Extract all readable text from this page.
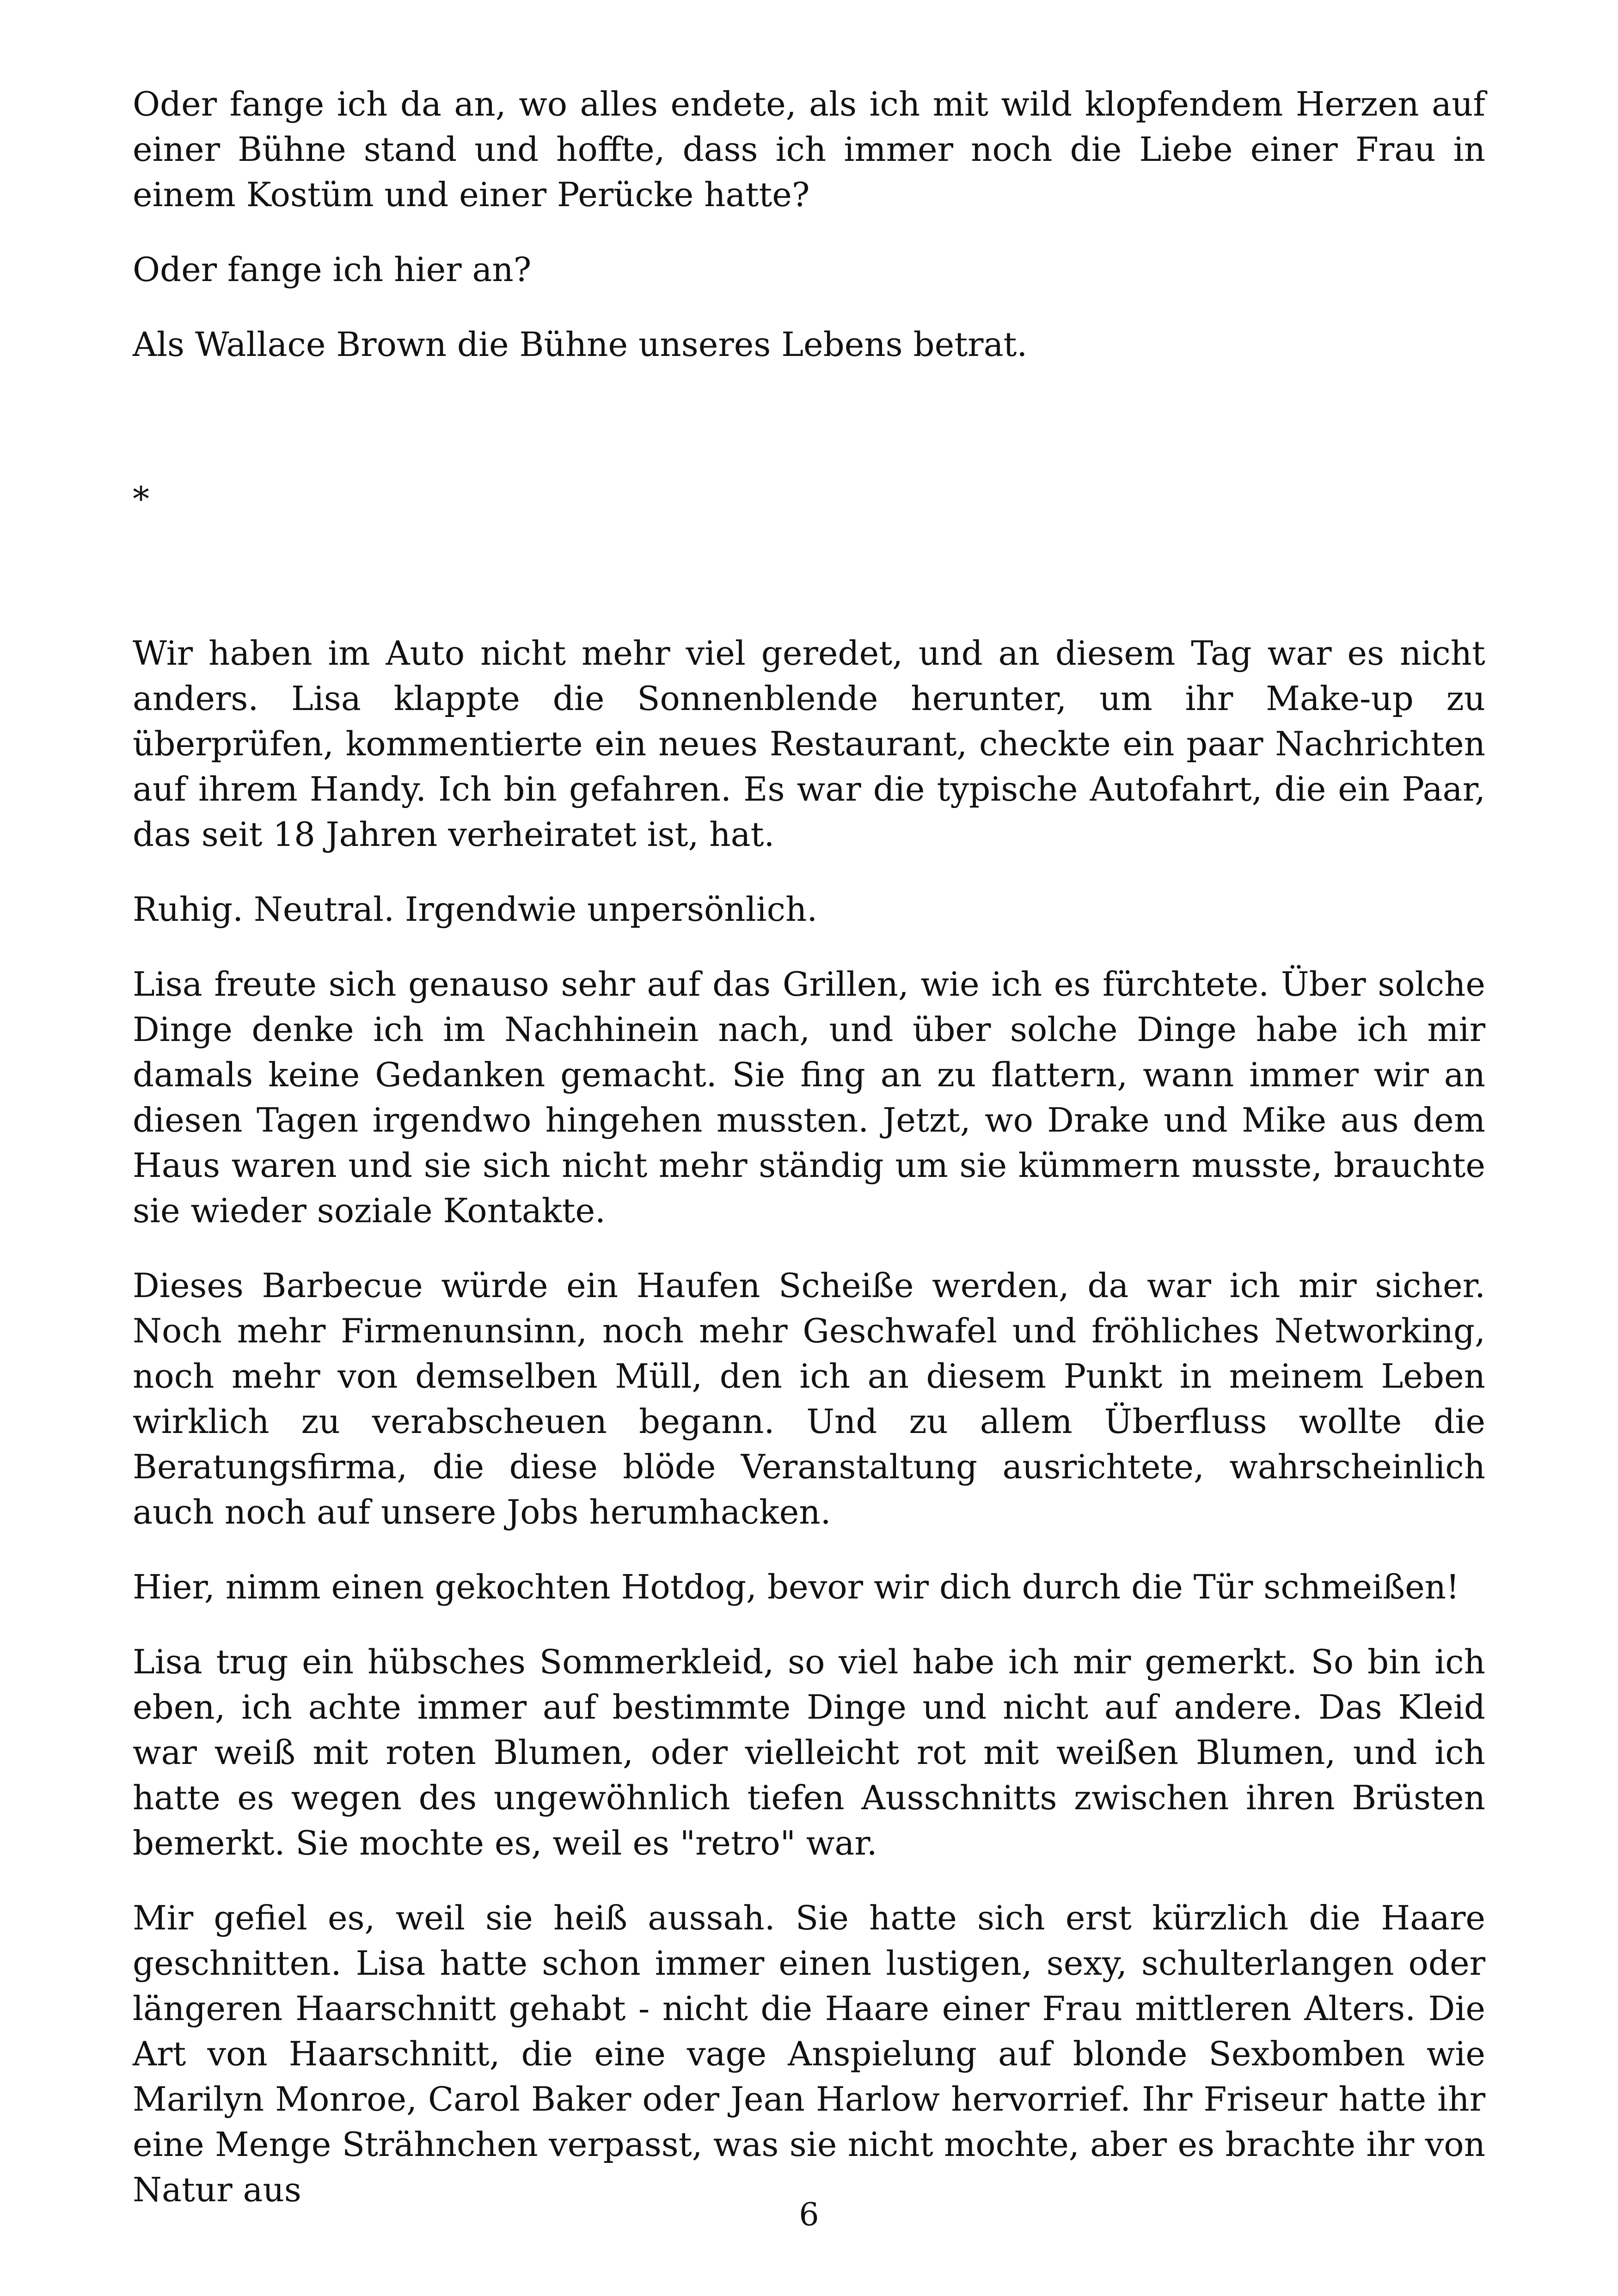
Oder fange ich da an, wo alles endete, als ich mit wild klopfendem Herzen auf einer Bühne stand und hoffte, dass ich immer noch die Liebe einer Frau in einem Kostüm und einer Perücke hatte?

Oder fange ich hier an?

Als Wallace Brown die Bühne unseres Lebens betrat.

*

Wir haben im Auto nicht mehr viel geredet, und an diesem Tag war es nicht anders. Lisa klappte die Sonnenblende herunter, um ihr Make-up zu überprüfen, kommentierte ein neues Restaurant, checkte ein paar Nachrichten auf ihrem Handy. Ich bin gefahren. Es war die typische Autofahrt, die ein Paar, das seit 18 Jahren verheiratet ist, hat.

Ruhig. Neutral. Irgendwie unpersönlich.

Lisa freute sich genauso sehr auf das Grillen, wie ich es fürchtete. Über solche Dinge denke ich im Nachhinein nach, und über solche Dinge habe ich mir damals keine Gedanken gemacht. Sie fing an zu flattern, wann immer wir an diesen Tagen irgendwo hingehen mussten. Jetzt, wo Drake und Mike aus dem Haus waren und sie sich nicht mehr ständig um sie kümmern musste, brauchte sie wieder soziale Kontakte.

Dieses Barbecue würde ein Haufen Scheiße werden, da war ich mir sicher. Noch mehr Firmenunsinn, noch mehr Geschwafel und fröhliches Networking, noch mehr von demselben Müll, den ich an diesem Punkt in meinem Leben wirklich zu verabscheuen begann. Und zu allem Überfluss wollte die Beratungsfirma, die diese blöde Veranstaltung ausrichtete, wahrscheinlich auch noch auf unsere Jobs herumhacken.

Hier, nimm einen gekochten Hotdog, bevor wir dich durch die Tür schmeißen!

Lisa trug ein hübsches Sommerkleid, so viel habe ich mir gemerkt. So bin ich eben, ich achte immer auf bestimmte Dinge und nicht auf andere. Das Kleid war weiß mit roten Blumen, oder vielleicht rot mit weißen Blumen, und ich hatte es wegen des ungewöhnlich tiefen Ausschnitts zwischen ihren Brüsten bemerkt. Sie mochte es, weil es "retro" war.

Mir gefiel es, weil sie heiß aussah. Sie hatte sich erst kürzlich die Haare geschnitten. Lisa hatte schon immer einen lustigen, sexy, schulterlangen oder längeren Haarschnitt gehabt - nicht die Haare einer Frau mittleren Alters. Die Art von Haarschnitt, die eine vage Anspielung auf blonde Sexbomben wie Marilyn Monroe, Carol Baker oder Jean Harlow hervorrief. Ihr Friseur hatte ihr eine Menge Strähnchen verpasst, was sie nicht mochte, aber es brachte ihr von Natur aus

6
